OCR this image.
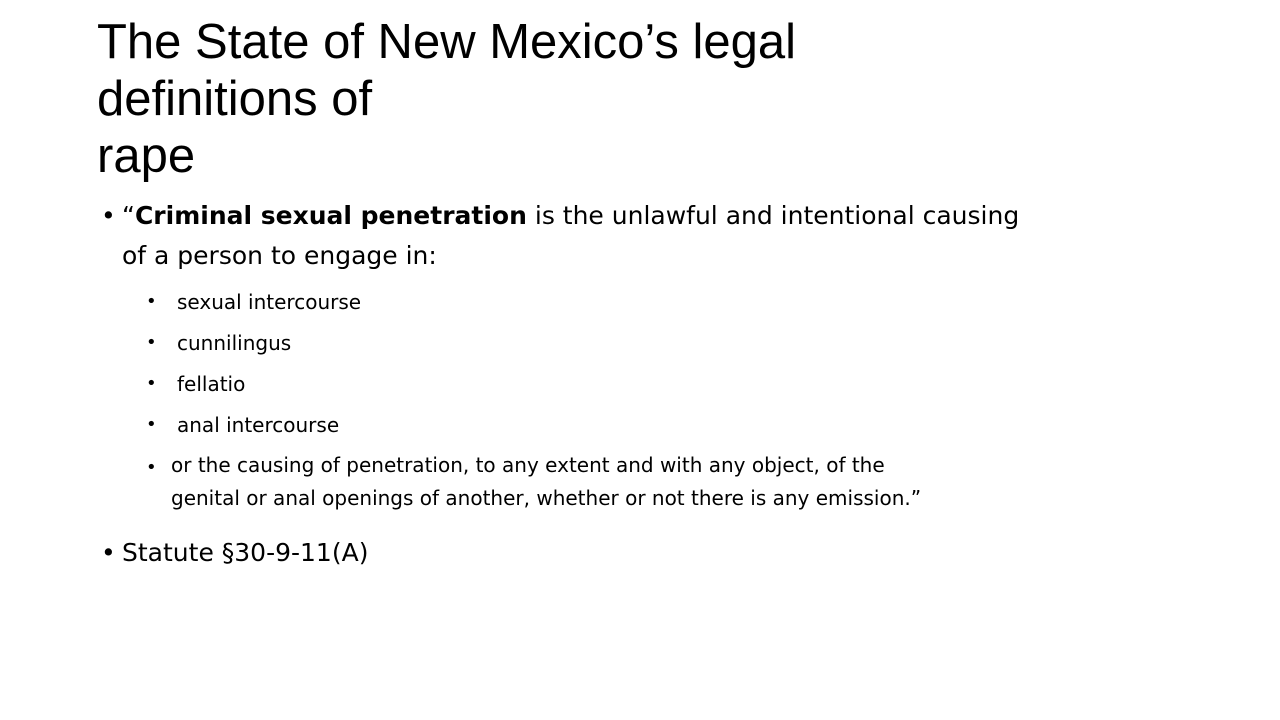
The State of New Mexico’s legal
definitions of
rape
• “Criminal sexual penetration is the unlawful and intentional causing
of a person to engage in:
• sexual intercourse
• cunnilingus
• fellatio
• anal intercourse
• or the causing of penetration, to any extent and with any object, of the
genital or anal openings of another, whether or not there is any emission.”
• Statute §30-9-11(A)
